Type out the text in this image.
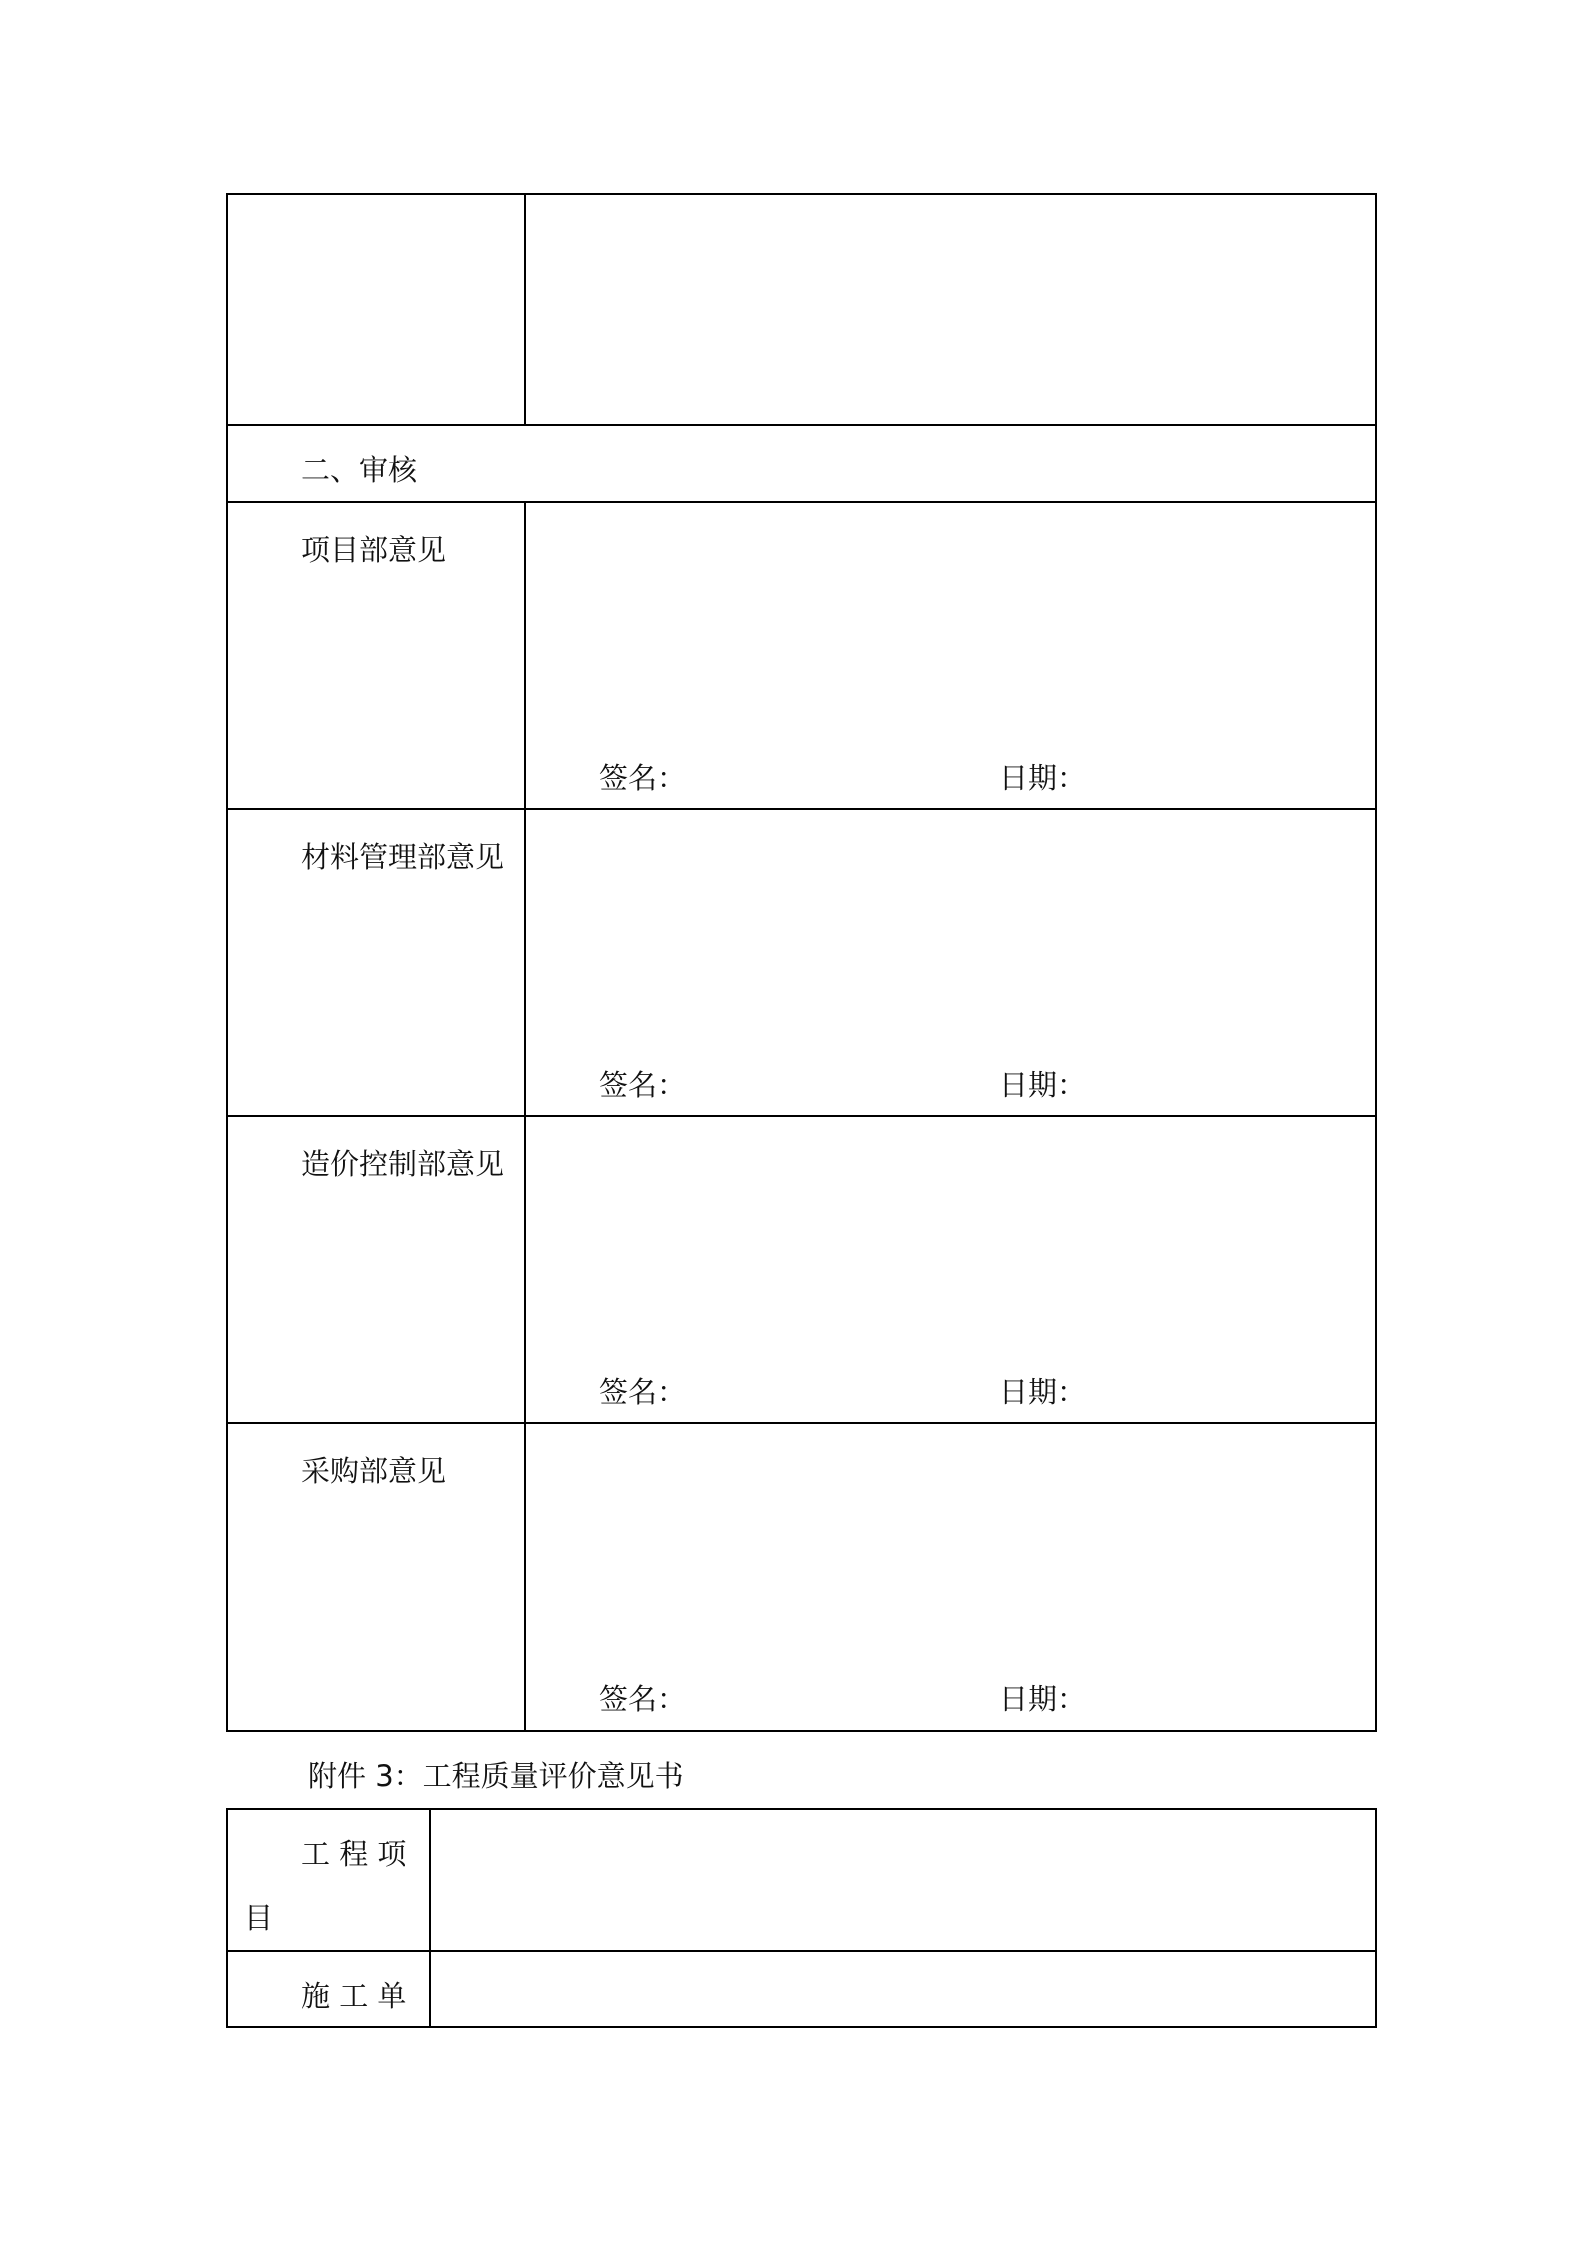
二、审核
项目部意见
签名：	日期：
材料管理部意见
签名：	日期：
造价控制部意见
签名：	日期：
采购部意见
签名：	日期：
附件 3：工程质量评价意见书
工 程 项
目
施 工 单
